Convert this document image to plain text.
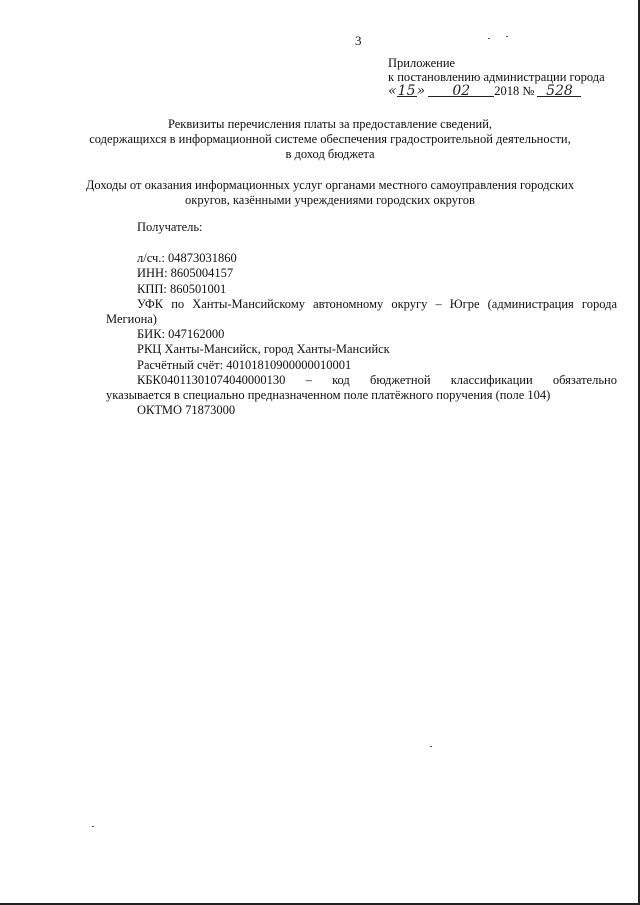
3
Приложение
к постановлению администрации города
«15» 02 2018 № 528
Реквизиты перечисления платы за предоставление сведений,
содержащихся в информационной системе обеспечения градостроительной деятельности,
в доход бюджета
Доходы от оказания информационных услуг органами местного самоуправления городских
округов, казёнными учреждениями городских округов

Получатель:

л/сч.: 04873031860

ИНН: 8605004157

КПП: 860501001

УФК по Ханты-Мансийскому автономному округу – Югре (администрация города

Мегиона)

БИК: 047162000

РКЦ Ханты-Мансийск, город Ханты-Мансийск

Расчётный счёт: 40101810900000010001

КБК04011301074040000130 – код бюджетной классификации обязательно

указывается в специально предназначенном поле платёжного поручения (поле 104)

ОКТМО 71873000
